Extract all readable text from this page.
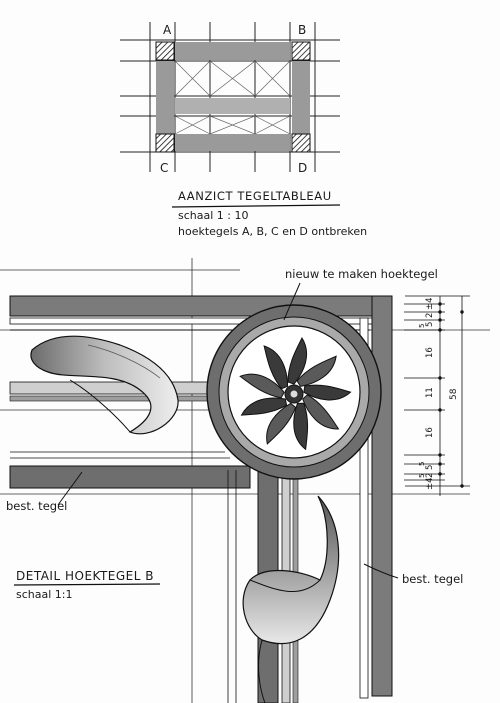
A	B
C	D
AANZICT TEGELTABLEAU
schaal 1 : 10
hoektegels A, B, C en D ontbreken
nieuw te maken hoektegel
best. tegel
best. tegel
DETAIL HOEKTEGEL B
schaal 1:1
±4
2
5
5
16
11
16
5
5
2
±4
5
58
